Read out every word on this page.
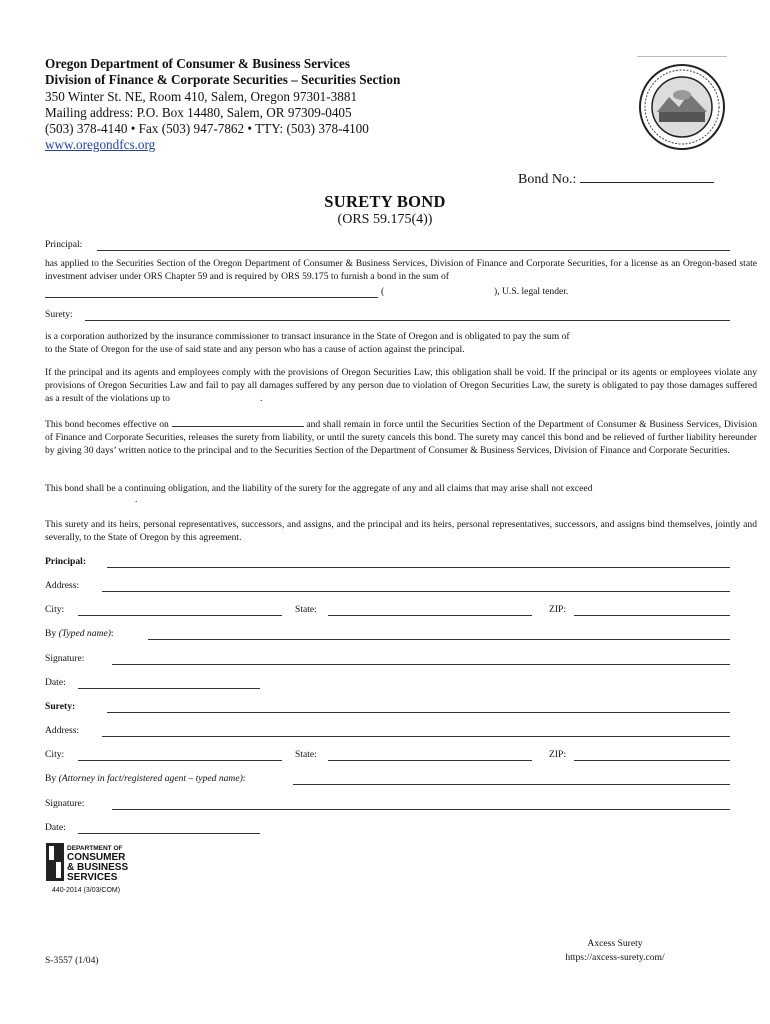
Oregon Department of Consumer & Business Services
Division of Finance & Corporate Securities – Securities Section
350 Winter St. NE, Room 410, Salem, Oregon 97301-3881
Mailing address: P.O. Box 14480, Salem, OR 97309-0405
(503) 378-4140 • Fax (503) 947-7862 • TTY: (503) 378-4100
www.oregondfcs.org
Bond No.:
SURETY BOND
(ORS 59.175(4))
Principal:
has applied to the Securities Section of the Oregon Department of Consumer & Business Services, Division of Finance and Corporate Securities, for a license as an Oregon-based state investment adviser under ORS Chapter 59 and is required by ORS 59.175 to furnish a bond in the sum of
(	), U.S. legal tender.
Surety:
is a corporation authorized by the insurance commissioner to transact insurance in the State of Oregon and is obligated to pay the sum of
to the State of Oregon for the use of said state and any person who has a cause of action against the principal.
If the principal and its agents and employees comply with the provisions of Oregon Securities Law, this obligation shall be void. If the principal or its agents or employees violate any provisions of Oregon Securities Law and fail to pay all damages suffered by any person due to violation of Oregon Securities Law, the surety is obligated to pay those damages suffered as a result of the violations up to	.
This bond becomes effective on	and shall remain in force until the Securities Section of the Department of Consumer & Business Services, Division of Finance and Corporate Securities, releases the surety from liability, or until the surety cancels this bond. The surety may cancel this bond and be relieved of further liability hereunder by giving 30 days’ written notice to the principal and to the Securities Section of the Department of Consumer & Business Services, Division of Finance and Corporate Securities.
This bond shall be a continuing obligation, and the liability of the surety for the aggregate of any and all claims that may arise shall not exceed
.
This surety and its heirs, personal representatives, successors, and assigns, and the principal and its heirs, personal representatives, successors, and assigns bind themselves, jointly and severally, to the State of Oregon by this agreement.
Principal:
Address:
City:	State:	ZIP:
By (Typed name):
Signature:
Date:
Surety:
Address:
City:	State:	ZIP:
By (Attorney in fact/registered agent – typed name):
Signature:
Date:
DEPARTMENT OF
CONSUMER
& BUSINESS
SERVICES
440-2014 (3/03/COM)
S-3557 (1/04)
Axcess Surety
https://axcess-surety.com/
